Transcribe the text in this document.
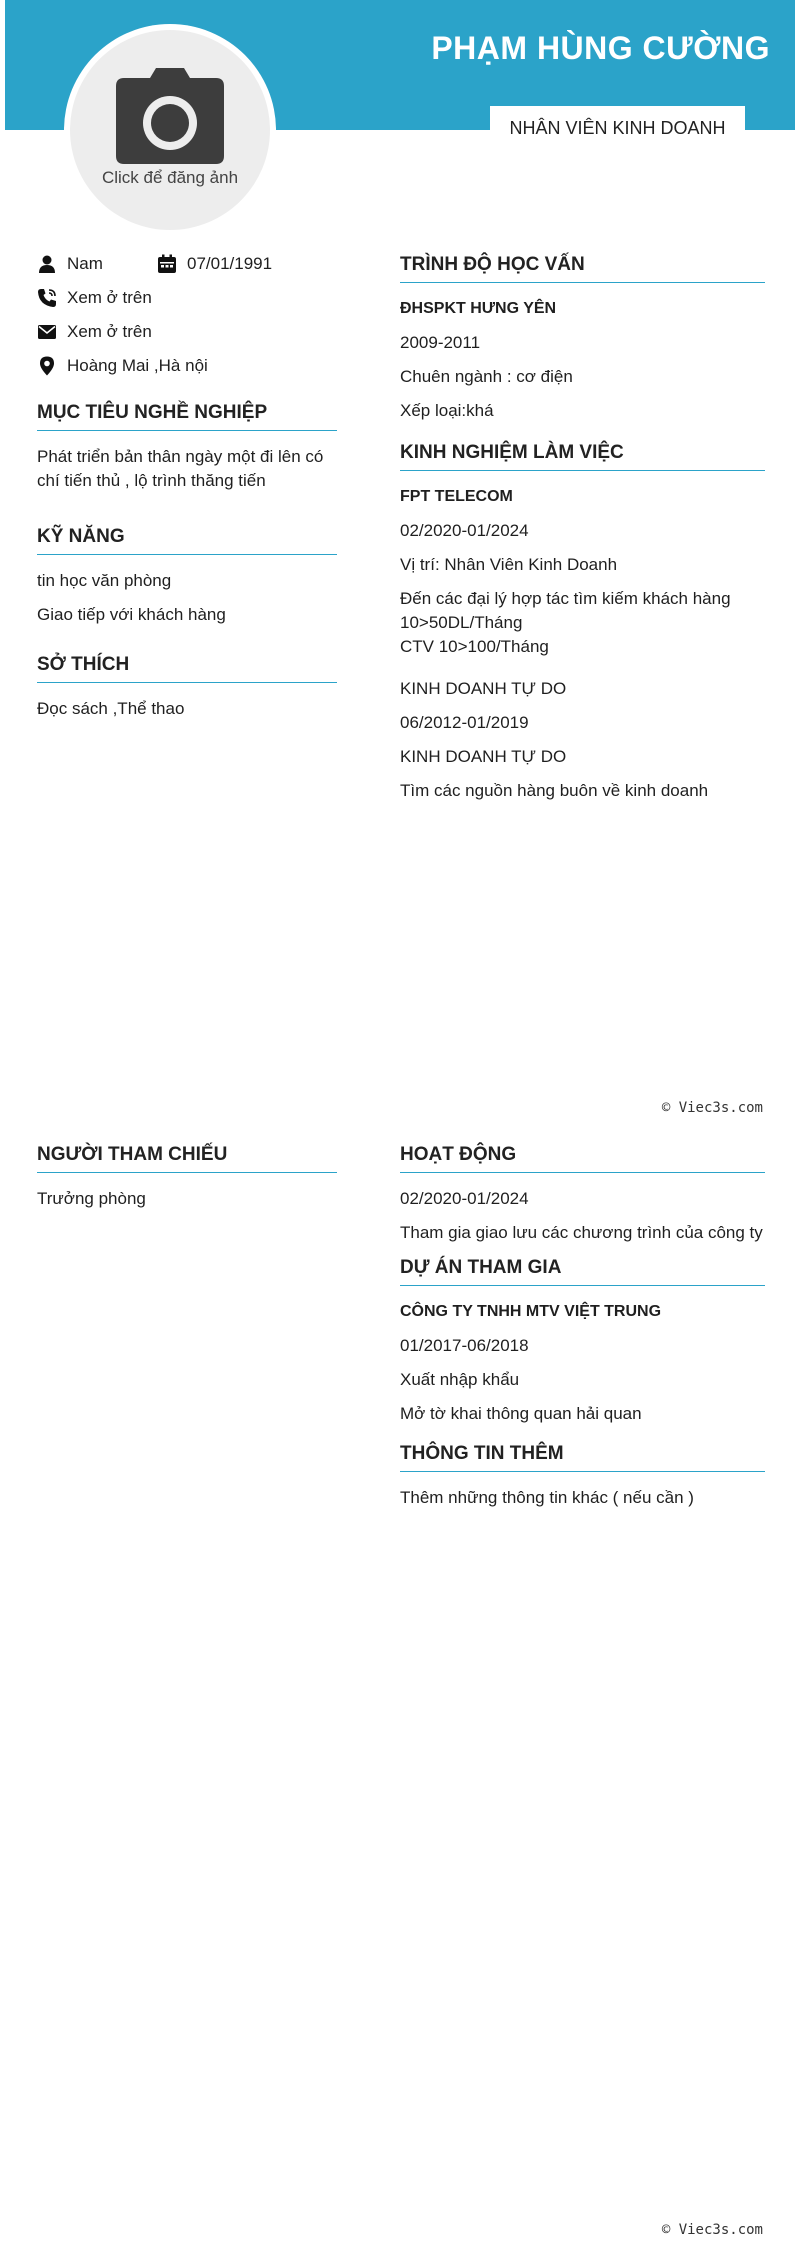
PHẠM HÙNG CƯỜNG
NHÂN VIÊN KINH DOANH
Click để đăng ảnh
Nam	07/01/1991
Xem ở trên
Xem ở trên
Hoàng Mai ,Hà nội
MỤC TIÊU NGHỀ NGHIỆP
Phát triển bản thân ngày một đi lên có chí tiến thủ , lộ trình thăng tiến
KỸ NĂNG
tin học văn phòng
Giao tiếp với khách hàng
SỞ THÍCH
Đọc sách ,Thể thao
TRÌNH ĐỘ HỌC VẤN
ĐHSPKT HƯNG YÊN
2009-2011
Chuên ngành : cơ điện
Xếp loại:khá
KINH NGHIỆM LÀM VIỆC
FPT TELECOM
02/2020-01/2024
Vị trí: Nhân Viên Kinh Doanh
Đến các đại lý hợp tác tìm kiếm khách hàng
10>50DL/Tháng
CTV 10>100/Tháng
KINH DOANH TỰ DO
06/2012-01/2019
KINH DOANH TỰ DO
Tìm các nguồn hàng buôn về kinh doanh
© Viec3s.com
NGƯỜI THAM CHIẾU
Trưởng phòng
HOẠT ĐỘNG
02/2020-01/2024
Tham gia giao lưu các chương trình của công ty
DỰ ÁN THAM GIA
CÔNG TY TNHH MTV VIỆT TRUNG
01/2017-06/2018
Xuất nhập khẩu
Mở tờ khai thông quan hải quan
THÔNG TIN THÊM
Thêm những thông tin khác ( nếu cần )
© Viec3s.com
